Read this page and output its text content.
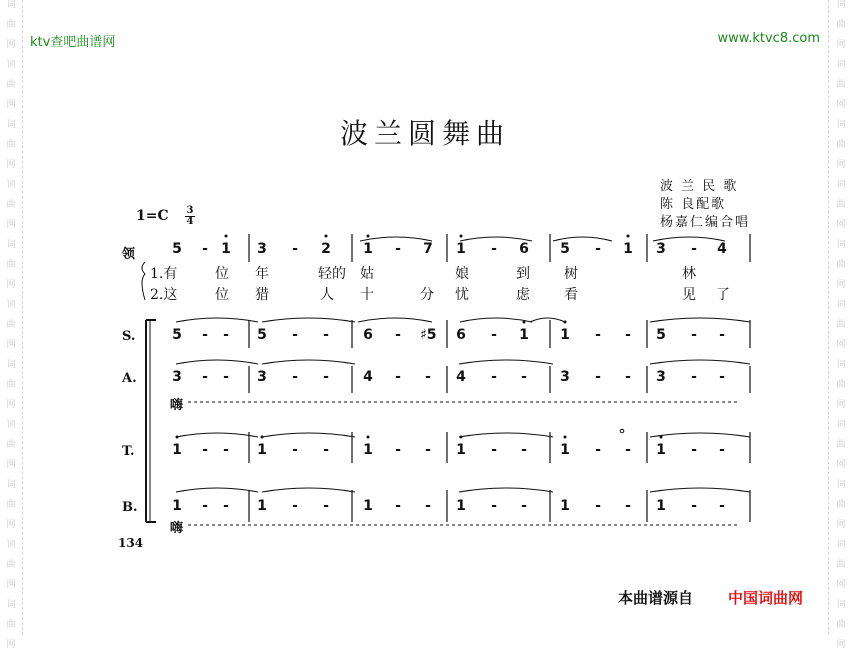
词
曲
网
词
曲
网
词
曲
网
词
曲
网
词
曲
网
词
曲
网
词
曲
网
词
曲
网
词
曲
网
词
曲
网
词
曲
网
词
曲
网
词
曲
网
词
曲
网
词
曲
网
词
曲
网
词
曲
网
词
曲
网
词
曲
网
词
曲
网
词
曲
网
词
曲
网
ktv查吧曲谱网	www.ktvc8.com
波兰圆舞曲
波 兰 民 歌
陈 良配歌
杨嘉仁编合唱
1=C 3
4
领
S.
A.
T.
B.
5	- 1 3	-	2 1	-	7 1	-	6 5	-	1 3	-	4
5	-	-	5	-	-	6	-	♯5 6	-	1 1	-	-	5	-	-
3	-	-	3	-	-	4	-	-	4	-	-	3	-	-	3	-	-
1	-	-	1	-	-	1	-	-	1	-	-	1	-	-	1	-	-
1	-	-	1	-	-	1	-	-	1	-	-	1	-	-	1	-	-
1.有	位 年	轻的 姑	娘	到 树	林
2.这	位 猎	人 十	分 忧	虑 看	见 了
嗨
嗨
134
本曲谱源自 中国词曲网
